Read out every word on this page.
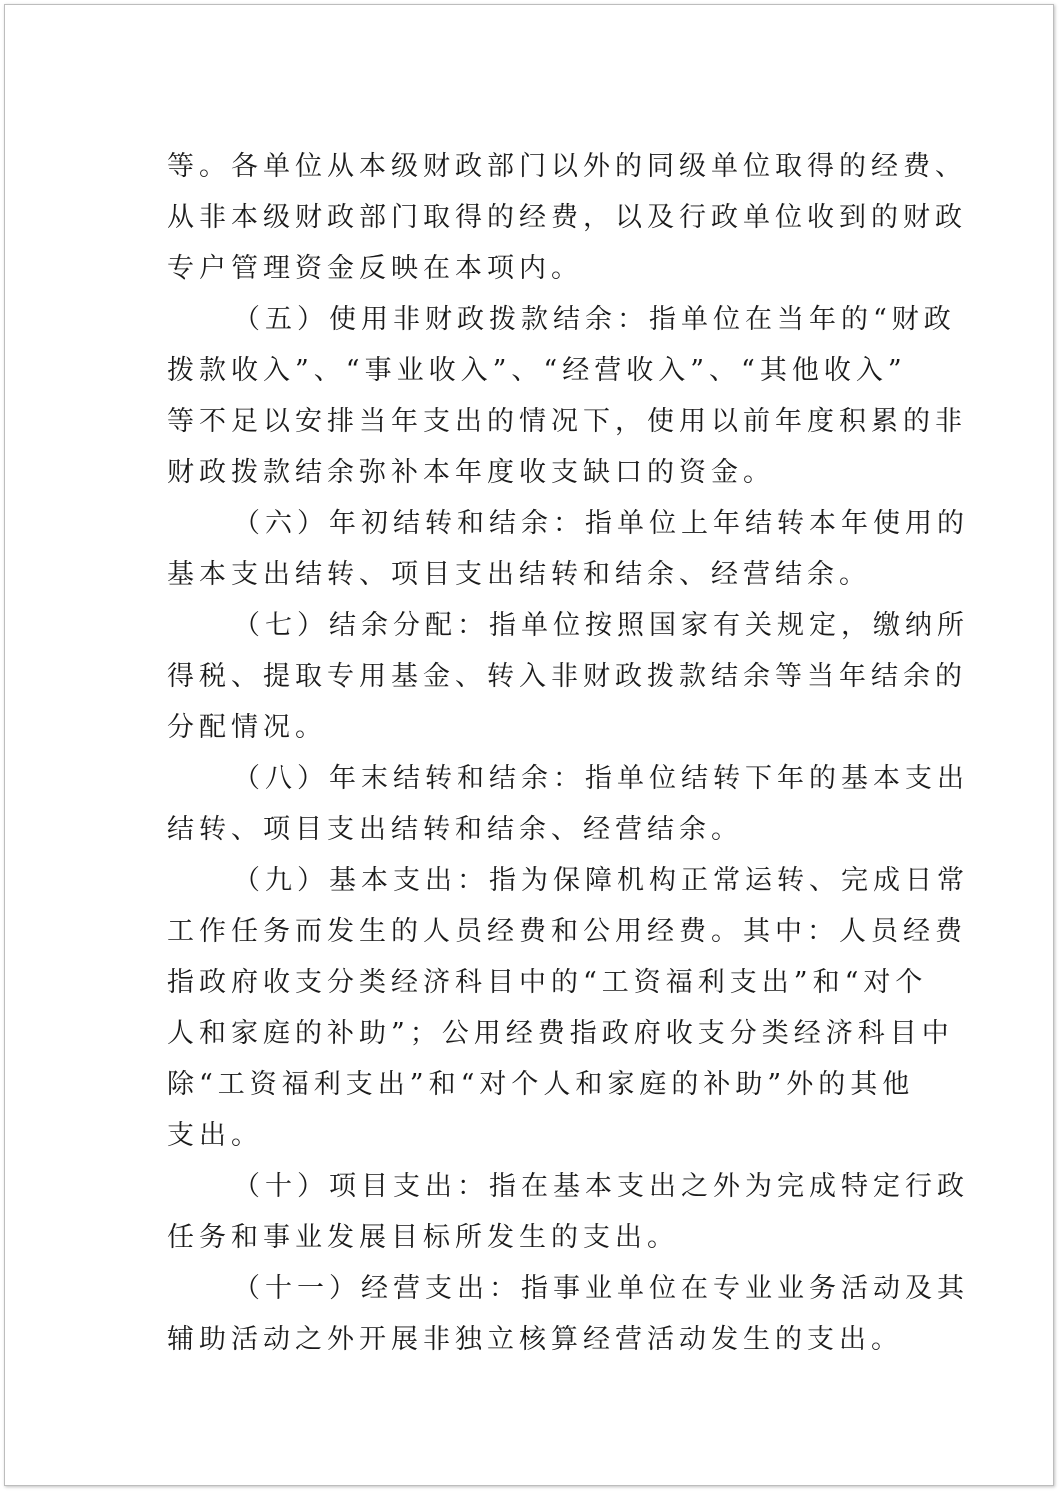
等。各单位从本级财政部门以外的同级单位取得的经费、
从非本级财政部门取得的经费，以及行政单位收到的财政
专户管理资金反映在本项内。
（五）使用非财政拨款结余：指单位在当年的“财政
拨款收入”、“事业收入”、“经营收入”、“其他收入”
等不足以安排当年支出的情况下，使用以前年度积累的非
财政拨款结余弥补本年度收支缺口的资金。
（六）年初结转和结余：指单位上年结转本年使用的
基本支出结转、项目支出结转和结余、经营结余。
（七）结余分配：指单位按照国家有关规定，缴纳所
得税、提取专用基金、转入非财政拨款结余等当年结余的
分配情况。
（八）年末结转和结余：指单位结转下年的基本支出
结转、项目支出结转和结余、经营结余。
（九）基本支出：指为保障机构正常运转、完成日常
工作任务而发生的人员经费和公用经费。其中：人员经费
指政府收支分类经济科目中的“工资福利支出”和“对个
人和家庭的补助”；公用经费指政府收支分类经济科目中
除“工资福利支出”和“对个人和家庭的补助”外的其他
支出。
（十）项目支出：指在基本支出之外为完成特定行政
任务和事业发展目标所发生的支出。
（十一）经营支出：指事业单位在专业业务活动及其
辅助活动之外开展非独立核算经营活动发生的支出。
